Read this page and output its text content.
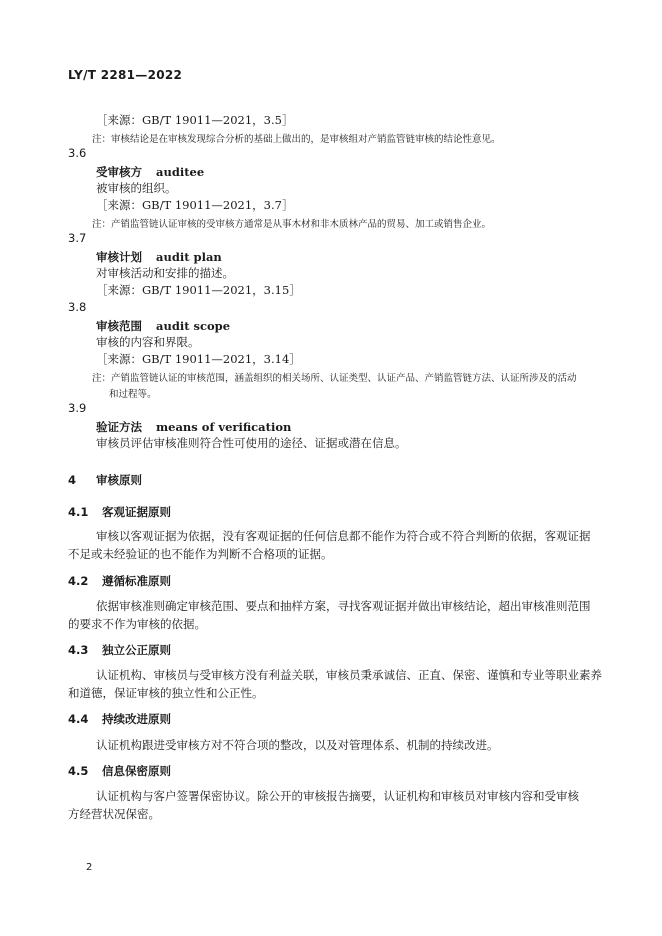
LY/T 2281—2022
［来源：GB/T 19011—2021，3.5］
注：审核结论是在审核发现综合分析的基础上做出的，是审核组对产销监管链审核的结论性意见。
3.6
受审核方 auditee
被审核的组织。
［来源：GB/T 19011—2021，3.7］
注：产销监管链认证审核的受审核方通常是从事木材和非木质林产品的贸易、加工或销售企业。
3.7
审核计划 audit plan
对审核活动和安排的描述。
［来源：GB/T 19011—2021，3.15］
3.8
审核范围 audit scope
审核的内容和界限。
［来源：GB/T 19011—2021，3.14］
注：产销监管链认证的审核范围，涵盖组织的相关场所、认证类型、认证产品、产销监管链方法、认证所涉及的活动
和过程等。
3.9
验证方法 means of verification
审核员评估审核准则符合性可使用的途径、证据或潜在信息。
4 审核原则
4.1 客观证据原则
审核以客观证据为依据，没有客观证据的任何信息都不能作为符合或不符合判断的依据，客观证据
不足或未经验证的也不能作为判断不合格项的证据。
4.2 遵循标准原则
依据审核准则确定审核范围、要点和抽样方案，寻找客观证据并做出审核结论，超出审核准则范围
的要求不作为审核的依据。
4.3 独立公正原则
认证机构、审核员与受审核方没有利益关联，审核员秉承诚信、正直、保密、谨慎和专业等职业素养
和道德，保证审核的独立性和公正性。
4.4 持续改进原则
认证机构跟进受审核方对不符合项的整改，以及对管理体系、机制的持续改进。
4.5 信息保密原则
认证机构与客户签署保密协议。除公开的审核报告摘要，认证机构和审核员对审核内容和受审核
方经营状况保密。
2
